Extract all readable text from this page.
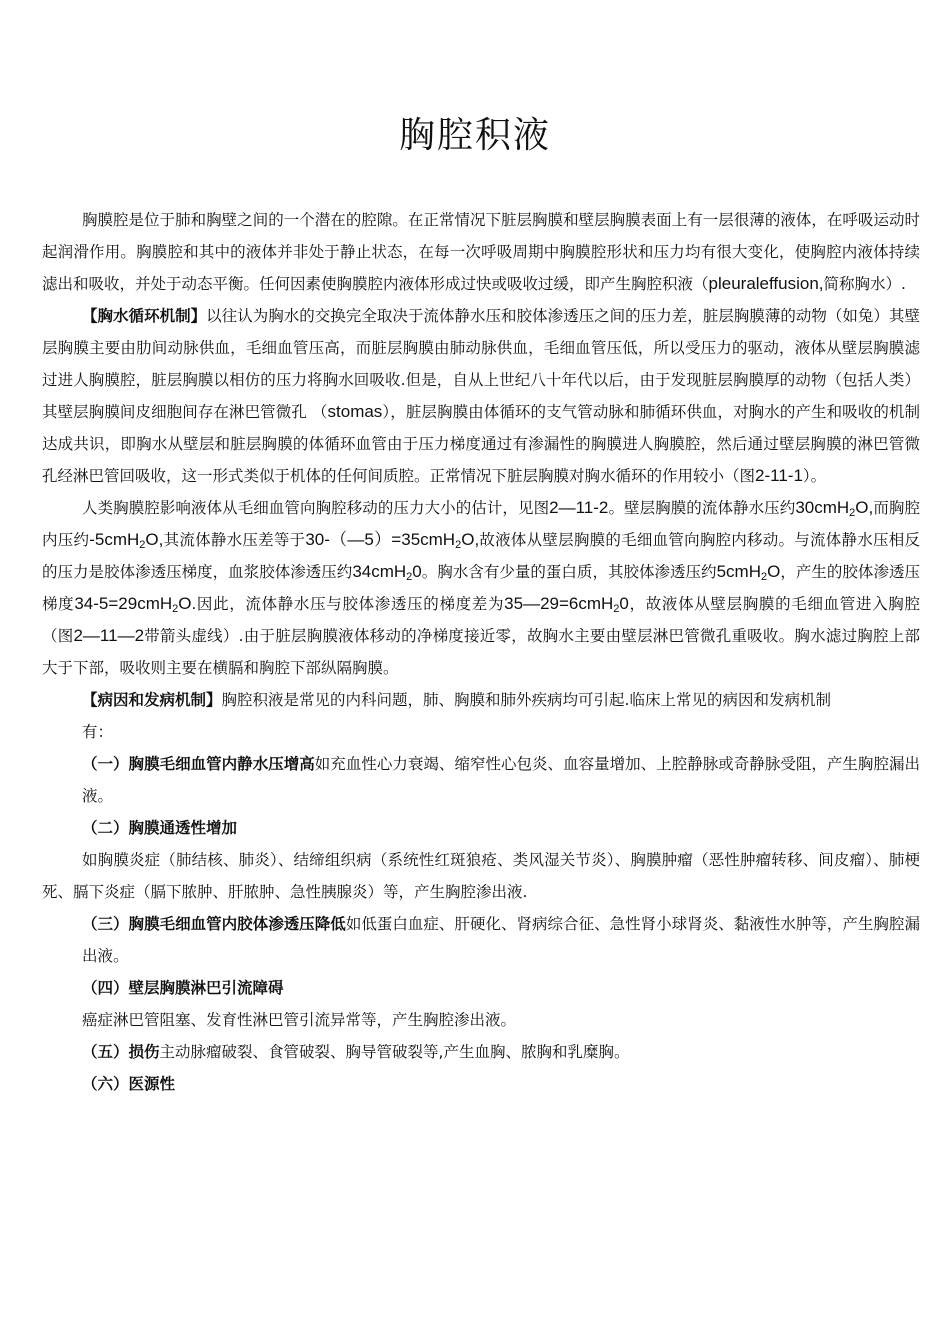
胸腔积液

胸膜腔是位于肺和胸壁之间的一个潜在的腔隙。在正常情况下脏层胸膜和壁层胸膜表面上有一层很薄的液体，在呼吸运动时起润滑作用。胸膜腔和其中的液体并非处于静止状态，在每一次呼吸周期中胸膜腔形状和压力均有很大变化，使胸腔内液体持续滤出和吸收，并处于动态平衡。任何因素使胸膜腔内液体形成过快或吸收过缓，即产生胸腔积液（pleuraleffusion,简称胸水）.

【胸水循环机制】以往认为胸水的交换完全取决于流体静水压和胶体渗透压之间的压力差，脏层胸膜薄的动物（如兔）其壁层胸膜主要由肋间动脉供血，毛细血管压高，而脏层胸膜由肺动脉供血，毛细血管压低，所以受压力的驱动，液体从壁层胸膜滤过进人胸膜腔，脏层胸膜以相仿的压力将胸水回吸收.但是，自从上世纪八十年代以后，由于发现脏层胸膜厚的动物（包括人类）其壁层胸膜间皮细胞间存在淋巴管微孔 （stomas），脏层胸膜由体循环的支气管动脉和肺循环供血，对胸水的产生和吸收的机制达成共识，即胸水从壁层和脏层胸膜的体循环血管由于压力梯度通过有渗漏性的胸膜进人胸膜腔，然后通过壁层胸膜的淋巴管微孔经淋巴管回吸收，这一形式类似于机体的任何间质腔。正常情况下脏层胸膜对胸水循环的作用较小（图2-11-1）。

人类胸膜腔影响液体从毛细血管向胸腔移动的压力大小的估计，见图2—11-2。壁层胸膜的流体静水压约30cmH$_2$O,而胸腔内压约-5cmH$_2$O,其流体静水压差等于30-（—5）=35cmH$_2$O,故液体从壁层胸膜的毛细血管向胸腔内移动。与流体静水压相反的压力是胶体渗透压梯度，血浆胶体渗透压约34cmH$_2$0。胸水含有少量的蛋白质，其胶体渗透压约5cmH$_2$O，产生的胶体渗透压梯度34-5=29cmH$_2$O.因此，流体静水压与胶体渗透压的梯度差为35—29=6cmH$_2$0，故液体从壁层胸膜的毛细血管进入胸腔（图2—11—2带箭头虚线）.由于脏层胸膜液体移动的净梯度接近零，故胸水主要由壁层淋巴管微孔重吸收。胸水滤过胸腔上部大于下部，吸收则主要在横膈和胸腔下部纵隔胸膜。

【病因和发病机制】胸腔积液是常见的内科问题，肺、胸膜和肺外疾病均可引起.临床上常见的病因和发病机制

有：

（一）胸膜毛细血管内静水压增高如充血性心力衰竭、缩窄性心包炎、血容量增加、上腔静脉或奇静脉受阻，产生胸腔漏出液。

（二）胸膜通透性增加

如胸膜炎症（肺结核、肺炎）、结缔组织病（系统性红斑狼疮、类风湿关节炎）、胸膜肿瘤（恶性肿瘤转移、间皮瘤）、肺梗死、膈下炎症（膈下脓肿、肝脓肿、急性胰腺炎）等，产生胸腔渗出液.

（三）胸膜毛细血管内胶体渗透压降低如低蛋白血症、肝硬化、肾病综合征、急性肾小球肾炎、黏液性水肿等，产生胸腔漏出液。

（四）壁层胸膜淋巴引流障碍

癌症淋巴管阻塞、发育性淋巴管引流异常等，产生胸腔渗出液。

（五）损伤主动脉瘤破裂、食管破裂、胸导管破裂等,产生血胸、脓胸和乳糜胸。

（六）医源性
